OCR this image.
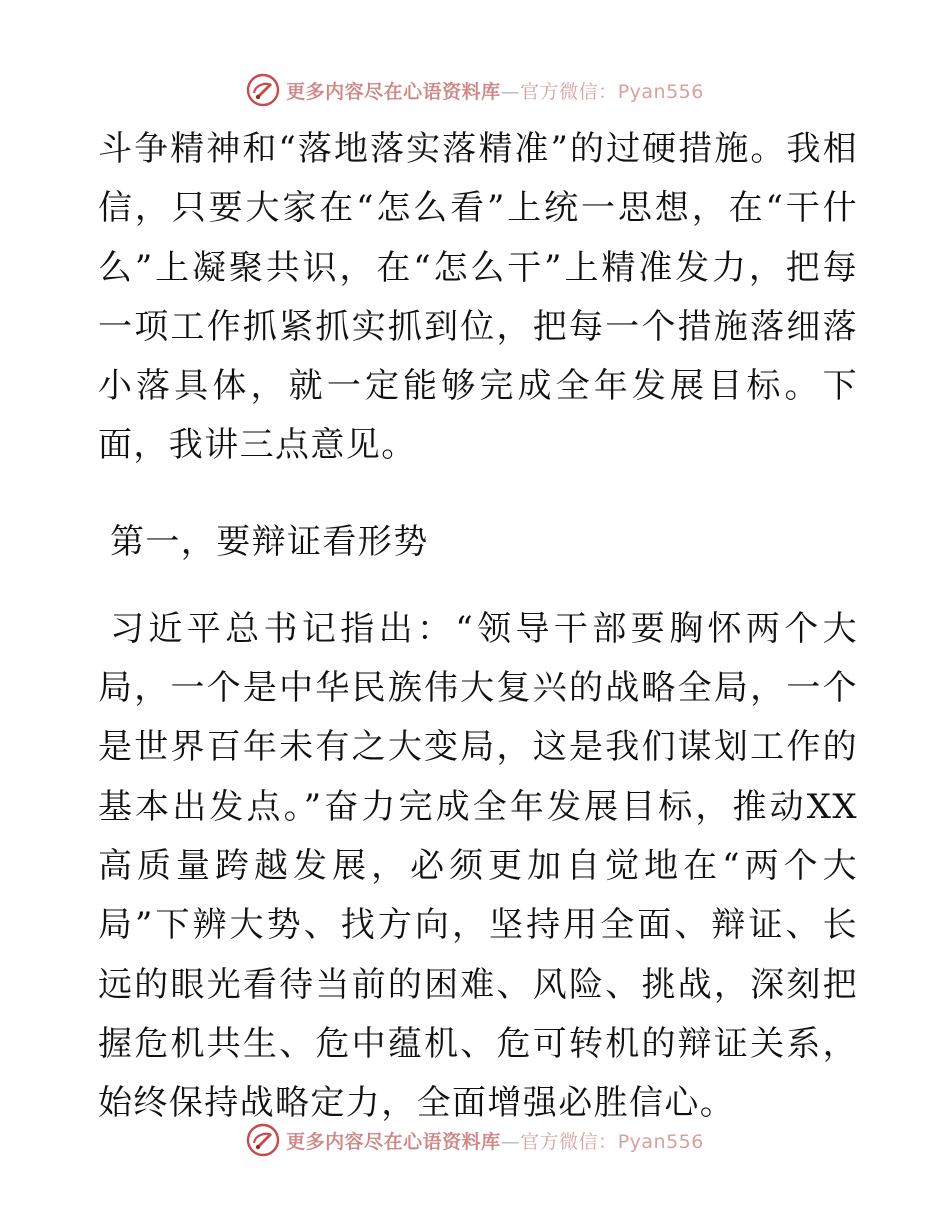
更多内容尽在心语资料库—官方微信：Pyan556

斗争精神和“落地落实落精准”的过硬措施。我相信，只要大家在“怎么看”上统一思想，在“干什么”上凝聚共识，在“怎么干”上精准发力，把每一项工作抓紧抓实抓到位，把每一个措施落细落小落具体，就一定能够完成全年发展目标。下面，我讲三点意见。

第一，要辩证看形势

习近平总书记指出：“领导干部要胸怀两个大局，一个是中华民族伟大复兴的战略全局，一个是世界百年未有之大变局，这是我们谋划工作的基本出发点。”奋力完成全年发展目标，推动XX高质量跨越发展，必须更加自觉地在“两个大局”下辨大势、找方向，坚持用全面、辩证、长远的眼光看待当前的困难、风险、挑战，深刻把握危机共生、危中蕴机、危可转机的辩证关系，始终保持战略定力，全面增强必胜信心。

更多内容尽在心语资料库—官方微信：Pyan556
